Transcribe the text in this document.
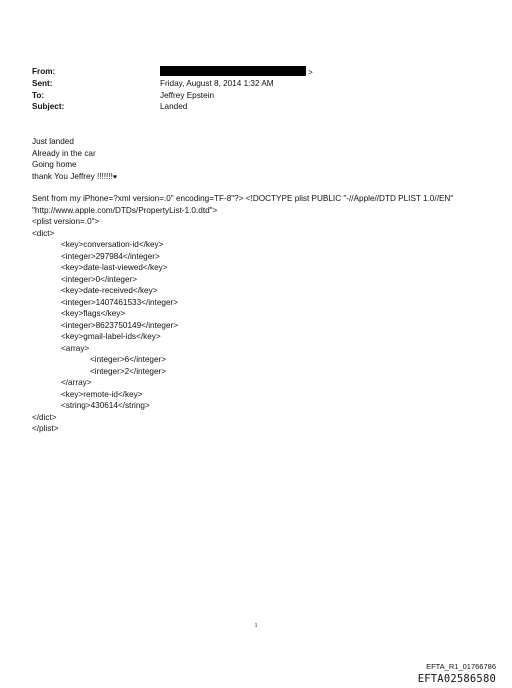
From:	>
Sent:	Friday, August 8, 2014 1:32 AM
To:	Jeffrey Epstein
Subject:	Landed
Just landed
Already in the car
Going home
thank You Jeffrey !!!!!!!♥
Sent from my iPhone=?xml version=.0" encoding=TF-8"?> <!DOCTYPE plist PUBLIC "-//Apple//DTD PLIST 1.0//EN"
"http://www.apple.com/DTDs/PropertyList-1.0.dtd">
<plist version=.0">
<dict>
<key>conversation-id</key>
<integer>297984</integer>
<key>date-last-viewed</key>
<integer>0</integer>
<key>date-received</key>
<integer>1407461533</integer>
<key>flags</key>
<integer>8623750149</integer>
<key>gmail-label-ids</key>
<array>
<integer>6</integer>
<integer>2</integer>
</array>
<key>remote-id</key>
<string>430614</string>
</dict>
</plist>
1
EFTA_R1_01766786
EFTA02586580
